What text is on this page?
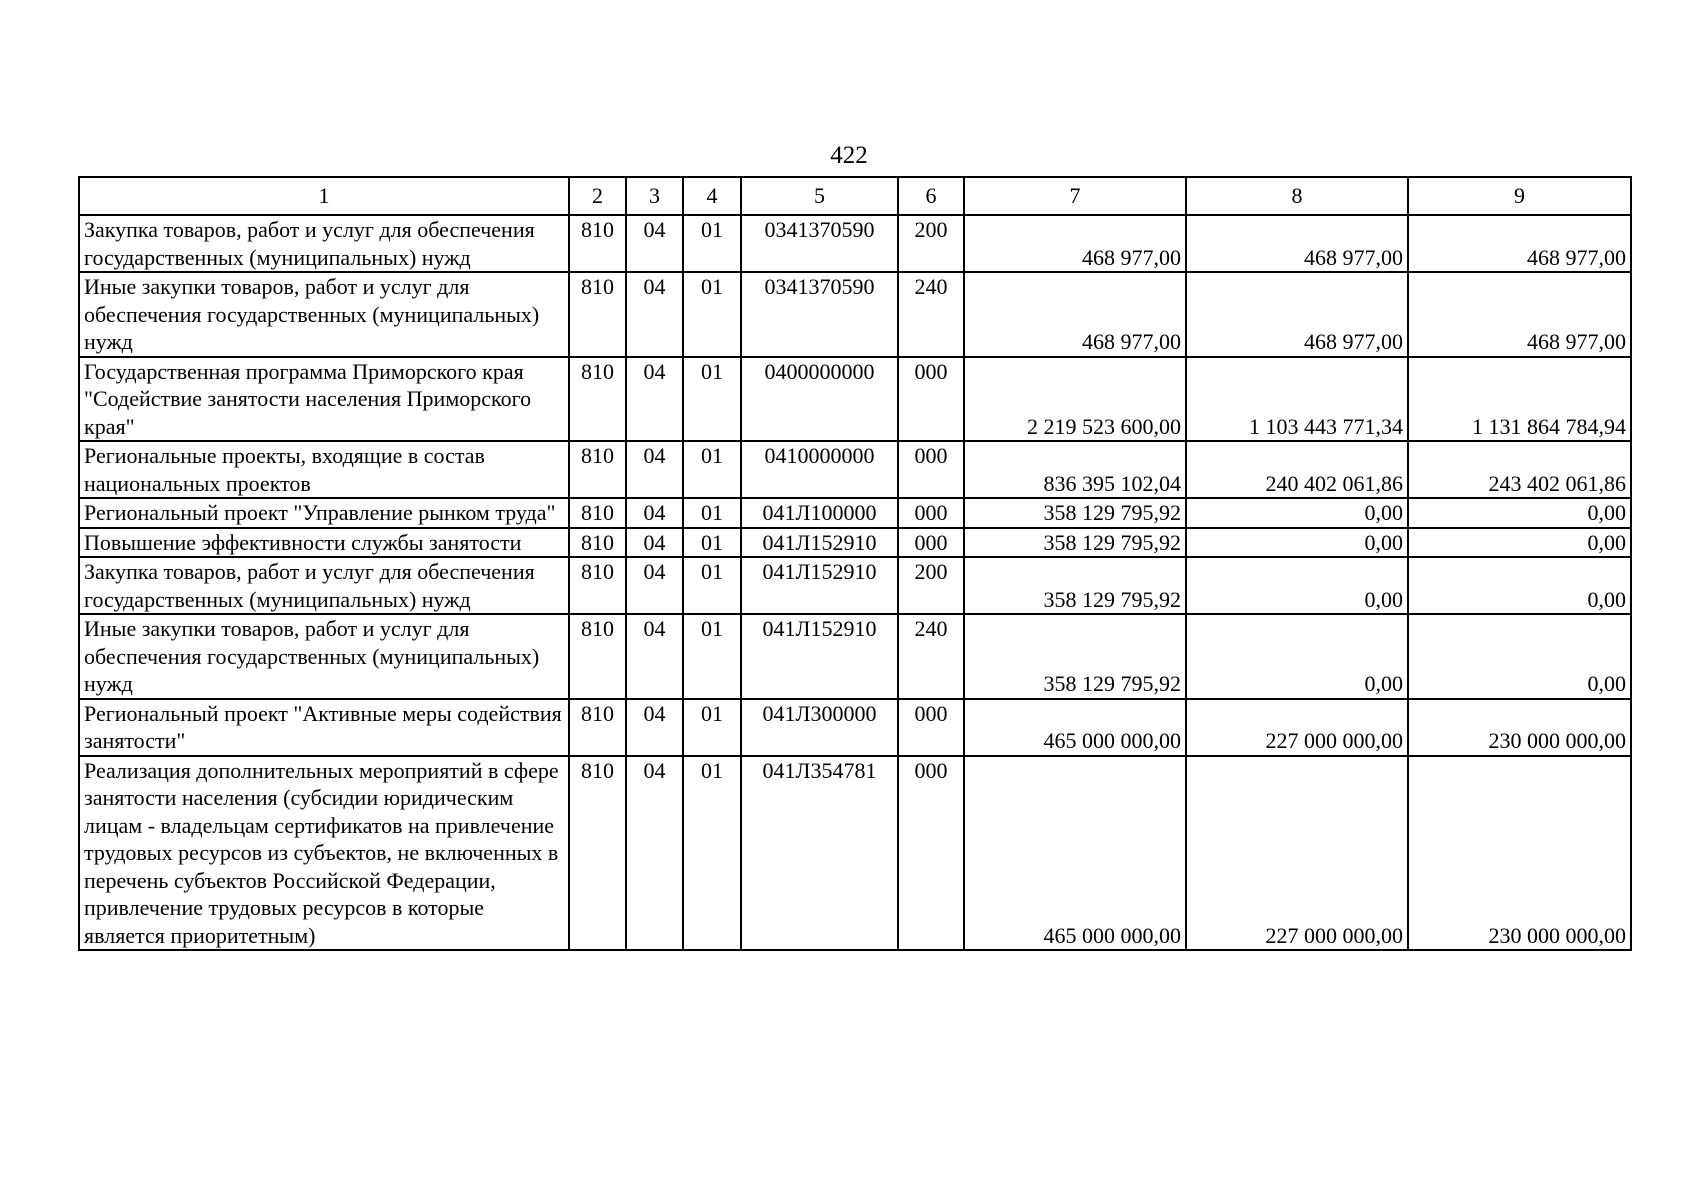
422
1	2	3	4	5	6	7	8	9
Закупка товаров, работ и услуг для обеспечения государственных (муниципальных) нужд	810	04	01	0341370590	200	468 977,00	468 977,00	468 977,00
Иные закупки товаров, работ и услуг для обеспечения государственных (муниципальных) нужд	810	04	01	0341370590	240	468 977,00	468 977,00	468 977,00
Государственная программа Приморского края "Содействие занятости населения Приморского края"	810	04	01	0400000000	000	2 219 523 600,00	1 103 443 771,34	1 131 864 784,94
Региональные проекты, входящие в состав национальных проектов	810	04	01	0410000000	000	836 395 102,04	240 402 061,86	243 402 061,86
Региональный проект "Управление рынком труда"	810	04	01	041Л100000	000	358 129 795,92	0,00	0,00
Повышение эффективности службы занятости	810	04	01	041Л152910	000	358 129 795,92	0,00	0,00
Закупка товаров, работ и услуг для обеспечения государственных (муниципальных) нужд	810	04	01	041Л152910	200	358 129 795,92	0,00	0,00
Иные закупки товаров, работ и услуг для обеспечения государственных (муниципальных) нужд	810	04	01	041Л152910	240	358 129 795,92	0,00	0,00
Региональный проект "Активные меры содействия занятости"	810	04	01	041Л300000	000	465 000 000,00	227 000 000,00	230 000 000,00
Реализация дополнительных мероприятий в сфере занятости населения (субсидии юридическим лицам - владельцам сертификатов на привлечение трудовых ресурсов из субъектов, не включенных в перечень субъектов Российской Федерации, привлечение трудовых ресурсов в которые является приоритетным)	810	04	01	041Л354781	000	465 000 000,00	227 000 000,00	230 000 000,00
